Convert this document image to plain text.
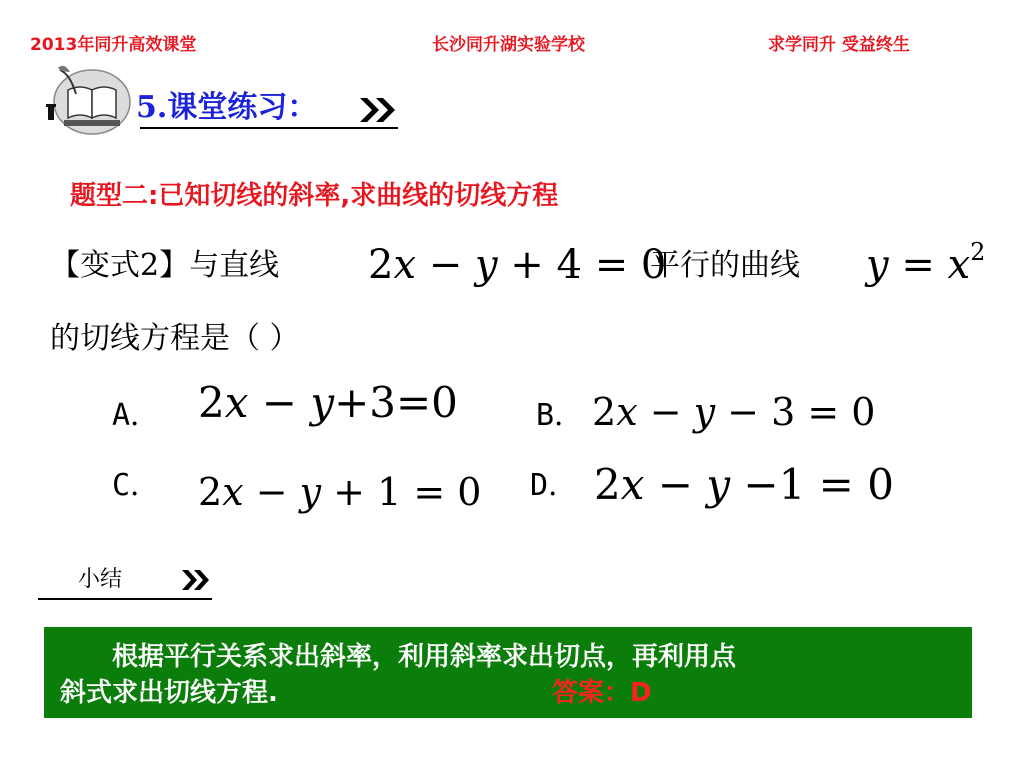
2013年同升高效课堂	长沙同升湖实验学校	求学同升 受益终生
5.课堂练习：
题型二:已知切线的斜率,求曲线的切线方程
【变式2】与直线 2x − y + 4 = 0
平行的曲线 $y = x^2$
的切线方程是（ ）
A． 2x − y+3=0	B． 2x − y − 3 = 0
C． 2x − y + 1 = 0 D． 2x − y −1 = 0
小结
  根据平行关系求出斜率，利用斜率求出切点，再利用点
斜式求出切线方程.	答案：D
